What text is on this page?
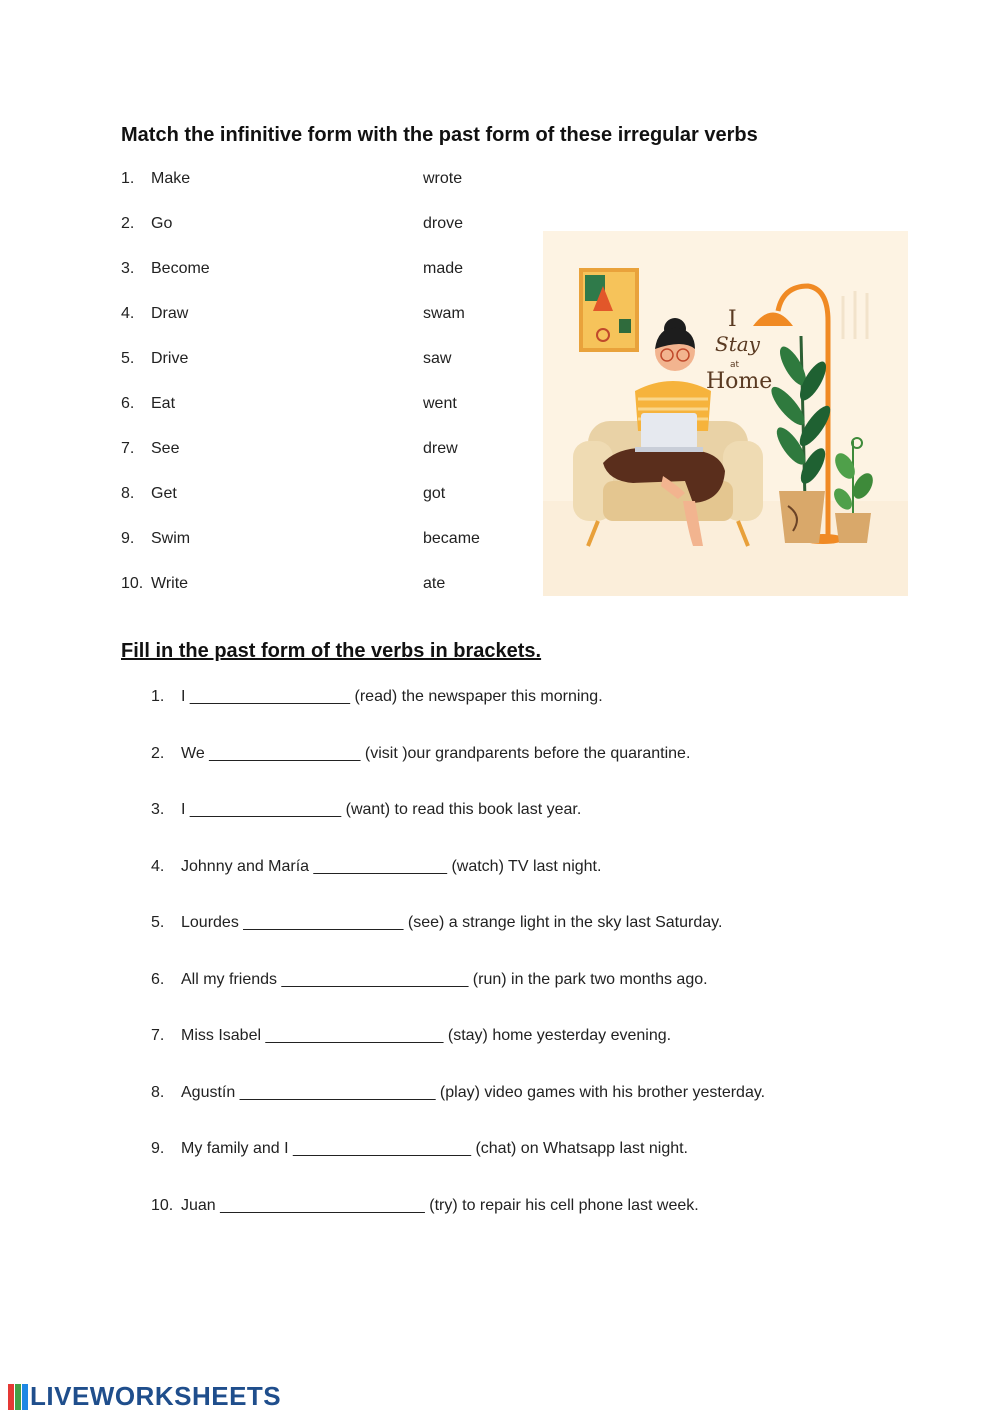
Match the infinitive form with the past form of these irregular verbs
1.	Make	wrote
2.	Go	drove
3.	Become	made
4.	Draw	swam
5.	Drive	saw
6.	Eat	went
7.	See	drew
8.	Get	got
9.	Swim	became
10. Write	ate
I
Stay
at
Home
Fill in the past form of the verbs in brackets.
1. I __________________ (read) the newspaper this morning.
2. We _________________ (visit )our grandparents before the quarantine.
3. I _________________ (want) to read this book last year.
4. Johnny and María _______________ (watch) TV last night.
5. Lourdes __________________ (see) a strange light in the sky last Saturday.
6. All my friends _____________________ (run) in the park two months ago.
7. Miss Isabel ____________________ (stay) home yesterday evening.
8. Agustín ______________________ (play) video games with his brother yesterday.
9. My family and I ____________________ (chat) on Whatsapp last night.
10. Juan _______________________ (try) to repair his cell phone last week.
LIVEWORKSHEETS
